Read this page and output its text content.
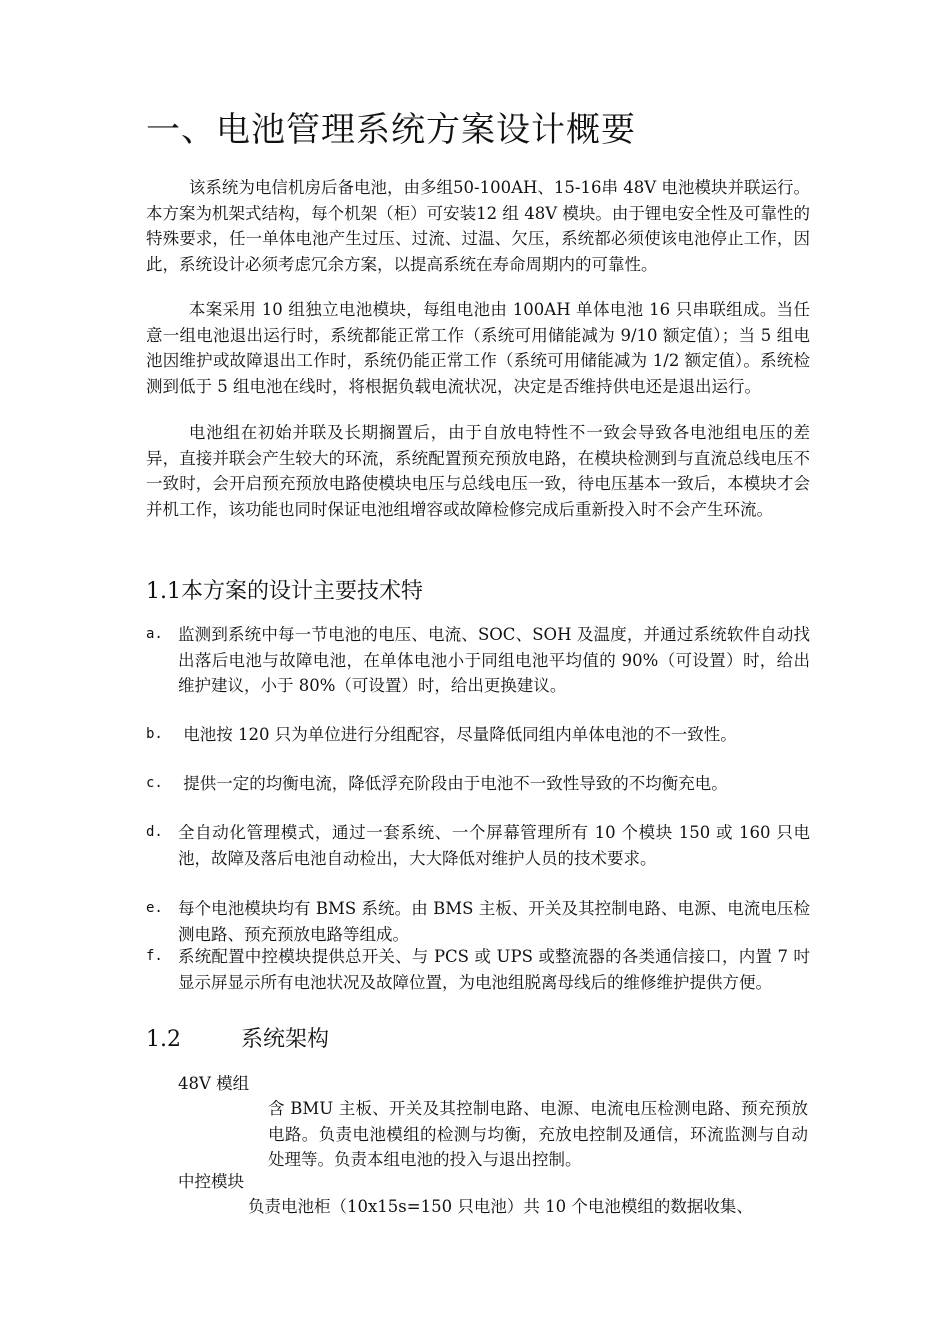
一、电池管理系统方案设计概要

该系统为电信机房后备电池，由多组50-100AH、15-16串 48V 电池模块并联运行。本方案为机架式结构，每个机架（柜）可安装12 组 48V 模块。由于锂电安全性及可靠性的特殊要求，任一单体电池产生过压、过流、过温、欠压，系统都必须使该电池停止工作，因此，系统设计必须考虑冗余方案，以提高系统在寿命周期内的可靠性。

本案采用 10 组独立电池模块，每组电池由 100AH 单体电池 16 只串联组成。当任意一组电池退出运行时，系统都能正常工作（系统可用储能减为 9/10 额定值）；当 5 组电池因维护或故障退出工作时，系统仍能正常工作（系统可用储能减为 1/2 额定值）。系统检测到低于 5 组电池在线时，将根据负载电流状况，决定是否维持供电还是退出运行。

电池组在初始并联及长期搁置后，由于自放电特性不一致会导致各电池组电压的差异，直接并联会产生较大的环流，系统配置预充预放电路，在模块检测到与直流总线电压不一致时，会开启预充预放电路使模块电压与总线电压一致，待电压基本一致后，本模块才会并机工作，该功能也同时保证电池组增容或故障检修完成后重新投入时不会产生环流。

1.1本方案的设计主要技术特
a. 监测到系统中每一节电池的电压、电流、SOC、SOH 及温度，并通过系统软件自动找出落后电池与故障电池，在单体电池小于同组电池平均值的 90%（可设置）时，给出维护建议，小于 80%（可设置）时，给出更换建议。
b. 电池按 120 只为单位进行分组配容，尽量降低同组内单体电池的不一致性。
c. 提供一定的均衡电流，降低浮充阶段由于电池不一致性导致的不均衡充电。
d. 全自动化管理模式，通过一套系统、一个屏幕管理所有 10 个模块 150 或 160 只电池，故障及落后电池自动检出，大大降低对维护人员的技术要求。
e. 每个电池模块均有 BMS 系统。由 BMS 主板、开关及其控制电路、电源、电流电压检测电路、预充预放电路等组成。
f. 系统配置中控模块提供总开关、与 PCS 或 UPS 或整流器的各类通信接口，内置 7 吋显示屏显示所有电池状况及故障位置，为电池组脱离母线后的维修维护提供方便。
1.2	系统架构
48V 模组
含 BMU 主板、开关及其控制电路、电源、电流电压检测电路、预充预放电路。负责电池模组的检测与均衡，充放电控制及通信，环流监测与自动处理等。负责本组电池的投入与退出控制。
中控模块
负责电池柜（10x15s=150 只电池）共 10 个电池模组的数据收集、
